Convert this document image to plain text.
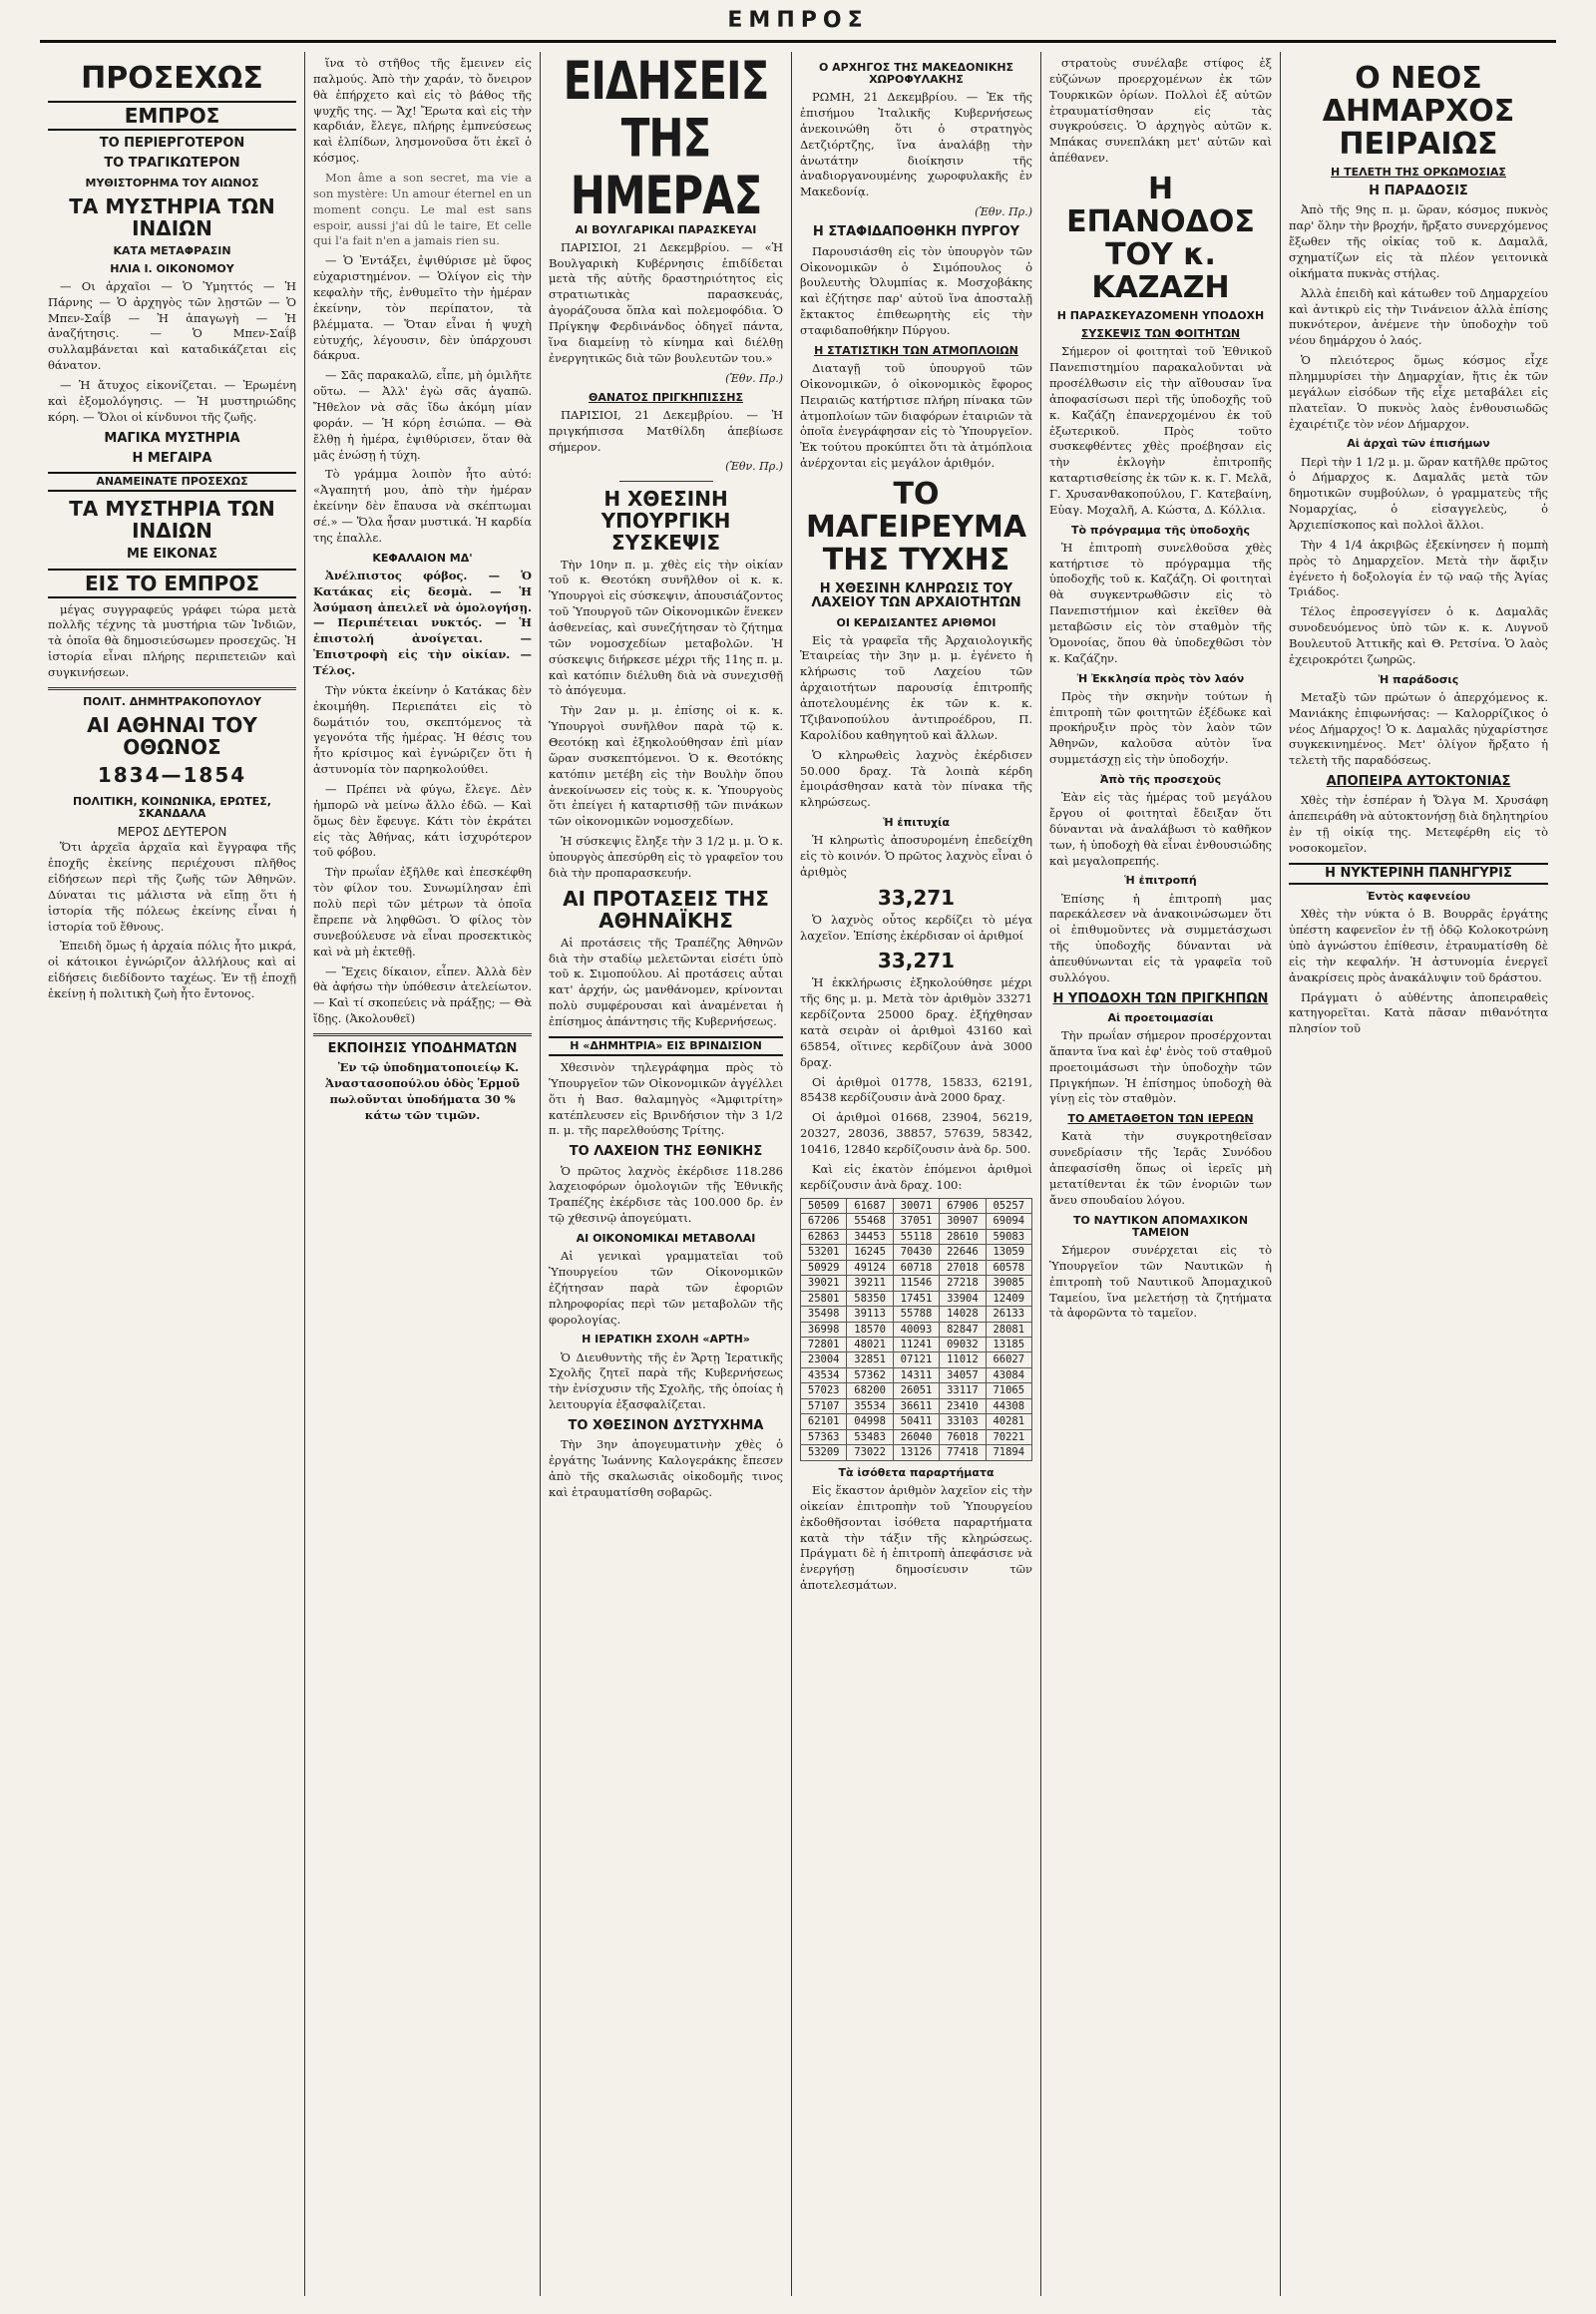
ΕΜΠΡΟΣ
ΠΡΟΣΕΧΩΣ
ΕΜΠΡΟΣ
ΤΟ ΠΕΡΙΕΡΓΟΤΕΡΟΝ
ΤΟ ΤΡΑΓΙΚΩΤΕΡΟΝ
ΜΥΘΙΣΤΟΡΗΜΑ ΤΟΥ ΑΙΩΝΟΣ
ΤΑ ΜΥΣΤΗΡΙΑ ΤΩΝ ΙΝΔΙΩΝ
ΚΑΤΑ ΜΕΤΑΦΡΑΣΙΝ
ΗΛΙΑ Ι. ΟΙΚΟΝΟΜΟΥ

— Οι ἀρχαῖοι — Ὁ Ὑμηττός — Ἡ Πάρνης — Ὁ ἀρχηγὸς τῶν λῃστῶν — Ὁ Μπεν-Σαΐβ — Ἡ ἀπαγωγὴ — Ἡ ἀναζήτησις. — Ὁ Μπεν-Σαΐβ συλλαμβάνεται καὶ καταδικάζεται εἰς θάνατον.

— Ἡ ἄτυχος εἰκονίζεται. — Ἐρωμένη καὶ ἐξομολόγησις. — Ἡ μυστηριώδης κόρη. — Ὅλοι οἱ κίνδυνοι τῆς ζωῆς.

ΜΑΓΙΚΑ ΜΥΣΤΗΡΙΑ
Η ΜΕΓΑΙΡΑ
ΑΝΑΜΕΙΝΑΤΕ ΠΡΟΣΕΧΩΣ
ΤΑ ΜΥΣΤΗΡΙΑ ΤΩΝ ΙΝΔΙΩΝ
ΜΕ ΕΙΚΟΝΑΣ
ΕΙΣ ΤΟ ΕΜΠΡΟΣ

μέγας συγγραφεύς γράφει τώρα μετὰ πολλῆς τέχνης τὰ μυστήρια τῶν Ἰνδιῶν, τὰ ὁποῖα θὰ δημοσιεύσωμεν προσεχῶς. Ἡ ἱστορία εἶναι πλήρης περιπετειῶν καὶ συγκινήσεων.

ΠΟΛΙΤ. ΔΗΜΗΤΡΑΚΟΠΟΥΛΟΥ
ΑΙ ΑΘΗΝΑΙ ΤΟΥ ΟΘΩΝΟΣ
1834—1854
ΠΟΛΙΤΙΚΗ, ΚΟΙΝΩΝΙΚΑ, ΕΡΩΤΕΣ, ΣΚΑΝΔΑΛΑ
ΜΕΡΟΣ ΔΕΥΤΕΡΟΝ

Ὅτι ἀρχεῖα ἀρχαῖα καὶ ἔγγραφα τῆς ἐποχῆς ἐκείνης περιέχουσι πλῆθος εἰδήσεων περὶ τῆς ζωῆς τῶν Ἀθηνῶν. Δύναται τις μάλιστα νὰ εἴπῃ ὅτι ἡ ἱστορία τῆς πόλεως ἐκείνης εἶναι ἡ ἱστορία τοῦ ἔθνους.

Ἐπειδὴ ὅμως ἡ ἀρχαία πόλις ἦτο μικρά, οἱ κάτοικοι ἐγνώριζον ἀλλήλους καὶ αἱ εἰδήσεις διεδίδοντο ταχέως. Ἐν τῇ ἐποχῇ ἐκείνῃ ἡ πολιτικὴ ζωὴ ἦτο ἔντονος.

ἵνα τὸ στῆθος τῆς ἔμεινεν εἰς παλμούς. Ἀπὸ τὴν χαράν, τὸ ὄνειρον θὰ ἐπήρχετο καὶ εἰς τὸ βάθος τῆς ψυχῆς της. — Ἄχ! Ἔρωτα καὶ εἰς τὴν καρδιάν, ἔλεγε, πλήρης ἐμπνεύσεως καὶ ἐλπίδων, λησμονοῦσα ὅτι ἐκεῖ ὁ κόσμος.

Mon âme a son secret, ma vie a son mystère: Un amour éternel en un moment conçu. Le mal est sans espoir, aussi j'ai dû le taire, Et celle qui l'a fait n'en a jamais rien su.

— Ὁ Ἐντάξει, ἐψιθύρισε μὲ ὕφος εὐχαριστημένον. — Ὁλίγον εἰς τὴν κεφαλὴν τῆς, ἐνθυμεῖτο τὴν ἡμέραν ἐκείνην, τὸν περίπατον, τὰ βλέμματα. — Ὅταν εἶναι ἡ ψυχὴ εὐτυχής, λέγουσιν, δὲν ὑπάρχουσι δάκρυα.

— Σᾶς παρακαλῶ, εἶπε, μὴ ὁμιλῆτε οὕτω. — Ἀλλ' ἐγὼ σᾶς ἀγαπῶ. Ἤθελον νὰ σᾶς ἴδω ἀκόμη μίαν φοράν. — Ἡ κόρη ἐσιώπα. — Θὰ ἔλθῃ ἡ ἡμέρα, ἐψιθύρισεν, ὅταν θὰ μᾶς ἐνώσῃ ἡ τύχη.

Τὸ γράμμα λοιπὸν ἦτο αὐτό: «Ἀγαπητή μου, ἀπὸ τὴν ἡμέραν ἐκείνην δὲν ἔπαυσα νὰ σκέπτωμαι σέ.» — Ὅλα ἦσαν μυστικά. Ἡ καρδία της ἐπαλλε.

ΚΕΦΑΛΑΙΟΝ ΜΔ'

Ἀνέλπιστος φόβος. — Ὁ Κατάκας εἰς δεσμὰ. — Ἡ Ἀσύμαση ἀπειλεῖ νὰ ὁμολογήσῃ. — Περιπέτειαι νυκτός. — Ἡ ἐπιστολή ἀνοίγεται. — Ἐπιστροφὴ εἰς τὴν οἰκίαν. — Τέλος.

Τὴν νύκτα ἐκείνην ὁ Κατάκας δὲν ἐκοιμήθη. Περιεπάτει εἰς τὸ δωμάτιόν του, σκεπτόμενος τὰ γεγονότα τῆς ἡμέρας. Ἡ θέσις του ἦτο κρίσιμος καὶ ἐγνώριζεν ὅτι ἡ ἀστυνομία τὸν παρηκολούθει.

— Πρέπει νὰ φύγω, ἔλεγε. Δὲν ἠμπορῶ νὰ μείνω ἄλλο ἐδῶ. — Καὶ ὅμως δὲν ἔφευγε. Κάτι τὸν ἐκράτει εἰς τὰς Ἀθήνας, κάτι ἰσχυρότερον τοῦ φόβου.

Τὴν πρωΐαν ἐξῆλθε καὶ ἐπεσκέφθη τὸν φίλον του. Συνωμίλησαν ἐπὶ πολὺ περὶ τῶν μέτρων τὰ ὁποῖα ἔπρεπε νὰ ληφθῶσι. Ὁ φίλος τὸν συνεβούλευσε νὰ εἶναι προσεκτικὸς καὶ νὰ μὴ ἐκτεθῇ.

— Ἔχεις δίκαιον, εἶπεν. Ἀλλὰ δὲν θὰ ἀφήσω τὴν ὑπόθεσιν ἀτελείωτον. — Καὶ τί σκοπεύεις νὰ πράξῃς; — Θὰ ἴδῃς. (Ἀκολουθεῖ)

ΕΚΠΟΙΗΣΙΣ ΥΠΟΔΗΜΑΤΩΝ

Ἐν τῷ ὑποδηματοποιείῳ Κ. Ἀναστασοπούλου ὁδὸς Ἑρμοῦ πωλοῦνται ὑποδήματα 30 % κάτω τῶν τιμῶν.

ΕΙΔΗΣΕΙΣ ΤΗΣ ΗΜΕΡΑΣ
ΑΙ ΒΟΥΛΓΑΡΙΚΑΙ ΠΑΡΑΣΚΕΥΑΙ

ΠΑΡΙΣΙΟΙ, 21 Δεκεμβρίου. — «Ἡ Βουλγαρικὴ Κυβέρνησις ἐπιδίδεται μετὰ τῆς αὐτῆς δραστηριότητος εἰς στρατιωτικὰς παρασκευάς, ἀγοράζουσα ὅπλα καὶ πολεμοφόδια. Ὁ Πρίγκηψ Φερδινάνδος ὁδηγεῖ πάντα, ἵνα διαμείνῃ τὸ κίνημα καὶ διέλθῃ ἐνεργητικῶς διὰ τῶν βουλευτῶν του.»

(Ἐθν. Πρ.)
ΘΑΝΑΤΟΣ ΠΡΙΓΚΗΠΙΣΣΗΣ

ΠΑΡΙΣΙΟΙ, 21 Δεκεμβρίου. — Ἡ πριγκήπισσα Ματθίλδη ἀπεβίωσε σήμερον.

(Ἐθν. Πρ.)
Η ΧΘΕΣΙΝΗ ΥΠΟΥΡΓΙΚΗ ΣΥΣΚΕΨΙΣ

Τὴν 10ην π. μ. χθὲς εἰς τὴν οἰκίαν τοῦ κ. Θεοτόκη συνῆλθον οἱ κ. κ. Ὑπουργοὶ εἰς σύσκεψιν, ἀπουσιάζοντος τοῦ Ὑπουργοῦ τῶν Οἰκονομικῶν ἕνεκεν ἀσθενείας, καὶ συνεζήτησαν τὸ ζήτημα τῶν νομοσχεδίων μεταβολῶν. Ἡ σύσκεψις διήρκεσε μέχρι τῆς 11ης π. μ. καὶ κατόπιν διέλυθη διὰ νὰ συνεχισθῇ τὸ ἀπόγευμα.

Τὴν 2αν μ. μ. ἐπίσης οἱ κ. κ. Ὑπουργοὶ συνῆλθον παρὰ τῷ κ. Θεοτόκῃ καὶ ἐξηκολούθησαν ἐπὶ μίαν ὥραν συσκεπτόμενοι. Ὁ κ. Θεοτόκης κατόπιν μετέβη εἰς τὴν Βουλὴν ὅπου ἀνεκοίνωσεν εἰς τοὺς κ. κ. Ὑπουργοὺς ὅτι ἐπείγει ἡ καταρτισθῇ τῶν πινάκων τῶν οἰκονομικῶν νομοσχεδίων.

Ἡ σύσκεψις ἔληξε τὴν 3 1/2 μ. μ. Ὁ κ. ὑπουργὸς ἀπεσύρθη εἰς τὸ γραφεῖον του διὰ τὴν προπαρασκευήν.

ΑΙ ΠΡΟΤΑΣΕΙΣ ΤΗΣ ΑΘΗΝΑΪΚΗΣ

Αἱ προτάσεις τῆς Τραπέζης Ἀθηνῶν διὰ τὴν σταδίῳ μελετῶνται εἰσέτι ὑπὸ τοῦ κ. Σιμοπούλου. Αἱ προτάσεις αὗται κατ' ἀρχήν, ὡς μανθάνομεν, κρίνονται πολὺ συμφέρουσαι καὶ ἀναμένεται ἡ ἐπίσημος ἀπάντησις τῆς Κυβερνήσεως.

Η «ΔΗΜΗΤΡΙΑ» ΕΙΣ ΒΡΙΝΔΙΣΙΟΝ

Χθεσινὸν τηλεγράφημα πρὸς τὸ Ὑπουργεῖον τῶν Οἰκονομικῶν ἀγγέλλει ὅτι ἡ Βασ. θαλαμηγὸς «Ἀμφιτρίτη» κατέπλευσεν εἰς Βρινδήσιον τὴν 3 1/2 π. μ. τῆς παρελθούσης Τρίτης.

ΤΟ ΛΑΧΕΙΟΝ ΤΗΣ ΕΘΝΙΚΗΣ

Ὁ πρῶτος λαχνὸς ἐκέρδισε 118.286 λαχειοφόρων ὁμολογιῶν τῆς Ἐθνικῆς Τραπέζης ἐκέρδισε τὰς 100.000 δρ. ἐν τῷ χθεσινῷ ἀπογεύματι.

ΑΙ ΟΙΚΟΝΟΜΙΚΑΙ ΜΕΤΑΒΟΛΑΙ

Αἱ γενικαὶ γραμματεῖαι τοῦ Ὑπουργείου τῶν Οἰκονομικῶν ἐζήτησαν παρὰ τῶν ἐφοριῶν πληροφορίας περὶ τῶν μεταβολῶν τῆς φορολογίας.

Η ΙΕΡΑΤΙΚΗ ΣΧΟΛΗ «ΑΡΤΗ»

Ὁ Διευθυντὴς τῆς ἐν Ἄρτῃ Ἱερατικῆς Σχολῆς ζητεῖ παρὰ τῆς Κυβερνήσεως τὴν ἐνίσχυσιν τῆς Σχολῆς, τῆς ὁποίας ἡ λειτουργία ἐξασφαλίζεται.

ΤΟ ΧΘΕΣΙΝΟΝ ΔΥΣΤΥΧΗΜΑ

Τὴν 3ην ἀπογευματινὴν χθὲς ὁ ἐργάτης Ἰωάννης Καλογεράκης ἔπεσεν ἀπὸ τῆς σκαλωσιᾶς οἰκοδομῆς τινος καὶ ἐτραυματίσθη σοβαρῶς.

Ο ΑΡΧΗΓΟΣ ΤΗΣ ΜΑΚΕΔΟΝΙΚΗΣ ΧΩΡΟΦΥΛΑΚΗΣ

ΡΩΜΗ, 21 Δεκεμβρίου. — Ἐκ τῆς ἐπισήμου Ἰταλικῆς Κυβερνήσεως ἀνεκοινώθη ὅτι ὁ στρατηγὸς Δετζιόρτζης, ἵνα ἀναλάβῃ τὴν ἀνωτάτην διοίκησιν τῆς ἀναδιοργανουμένης χωροφυλακῆς ἐν Μακεδονίᾳ.

(Ἐθν. Πρ.)
Η ΣΤΑΦΙΔΑΠΟΘΗΚΗ ΠΥΡΓΟΥ

Παρουσιάσθη εἰς τὸν ὑπουργὸν τῶν Οἰκονομικῶν ὁ Σιμόπουλος ὁ βουλευτὴς Ὀλυμπίας κ. Μοσχοβάκης καὶ ἐζήτησε παρ' αὐτοῦ ἵνα ἀποσταλῇ ἔκτακτος ἐπιθεωρητὴς εἰς τὴν σταφιδαποθήκην Πύργου.

Η ΣΤΑΤΙΣΤΙΚΗ ΤΩΝ ΑΤΜΟΠΛΟΙΩΝ

Διαταγῇ τοῦ ὑπουργοῦ τῶν Οἰκονομικῶν, ὁ οἰκονομικὸς ἔφορος Πειραιῶς κατήρτισε πλήρη πίνακα τῶν ἀτμοπλοίων τῶν διαφόρων ἑταιριῶν τὰ ὁποῖα ἐνεγράφησαν εἰς τὸ Ὑπουργεῖον. Ἐκ τούτου προκύπτει ὅτι τὰ ἀτμόπλοια ἀνέρχονται εἰς μεγάλον ἀριθμόν.

ΤΟ ΜΑΓΕΙΡΕΥΜΑ ΤΗΣ ΤΥΧΗΣ
Η ΧΘΕΣΙΝΗ ΚΛΗΡΩΣΙΣ ΤΟΥ ΛΑΧΕΙΟΥ ΤΩΝ ΑΡΧΑΙΟΤΗΤΩΝ
ΟΙ ΚΕΡΔΙΣΑΝΤΕΣ ΑΡΙΘΜΟΙ

Εἰς τὰ γραφεῖα τῆς Ἀρχαιολογικῆς Ἑταιρείας τὴν 3ην μ. μ. ἐγένετο ἡ κλήρωσις τοῦ Λαχείου τῶν ἀρχαιοτήτων παρουσίᾳ ἐπιτροπῆς ἀποτελουμένης ἐκ τῶν κ. κ. Τζιβανοπούλου ἀντιπροέδρου, Π. Καρολίδου καθηγητοῦ καὶ ἄλλων.

Ὁ κληρωθεὶς λαχνὸς ἐκέρδισεν 50.000 δραχ. Τὰ λοιπὰ κέρδη ἐμοιράσθησαν κατὰ τὸν πίνακα τῆς κληρώσεως.

Ἡ ἐπιτυχία

Ἡ κληρωτὶς ἀποσυρομένη ἐπεδείχθη εἰς τὸ κοινόν. Ὁ πρῶτος λαχνὸς εἶναι ὁ ἀριθμὸς

33,271

Ὁ λαχνὸς οὗτος κερδίζει τὸ μέγα λαχεῖον. Ἐπίσης ἐκέρδισαν οἱ ἀριθμοί

33,271

Ἡ ἐκκλήρωσις ἐξηκολούθησε μέχρι τῆς 6ης μ. μ. Μετὰ τὸν ἀριθμὸν 33271 κερδίζοντα 25000 δραχ. ἐξήχθησαν κατὰ σειρὰν οἱ ἀριθμοὶ 43160 καὶ 65854, οἵτινες κερδίζουν ἀνὰ 3000 δραχ.

Οἱ ἀριθμοὶ 01778, 15833, 62191, 85438 κερδίζουσιν ἀνὰ 2000 δραχ.

Οἱ ἀριθμοὶ 01668, 23904, 56219, 20327, 28036, 38857, 57639, 58342, 10416, 12840 κερδίζουσιν ἀνὰ δρ. 500.

Καὶ εἰς ἑκατὸν ἑπόμενοι ἀριθμοὶ κερδίζουσιν ἀνὰ δραχ. 100:

50509	61687	30071	67906	05257
67206	55468	37051	30907	69094
62863	34453	55118	28610	59083
53201	16245	70430	22646	13059
50929	49124	60718	27018	60578
39021	39211	11546	27218	39085
25801	58350	17451	33904	12409
35498	39113	55788	14028	26133
36998	18570	40093	82847	28081
72801	48021	11241	09032	13185
23004	32851	07121	11012	66027
43534	57362	14311	34057	43084
57023	68200	26051	33117	71065
57107	35534	36611	23410	44308
62101	04998	50411	33103	40281
57363	53483	26040	76018	70221
53209	73022	13126	77418	71894
Τὰ ἰσόθετα παραρτήματα

Εἰς ἕκαστον ἀριθμὸν λαχεῖον εἰς τὴν οἰκείαν ἐπιτροπὴν τοῦ Ὑπουργείου ἐκδοθῆσονται ἰσόθετα παραρτήματα κατὰ τὴν τάξιν τῆς κληρώσεως. Πράγματι δὲ ἡ ἐπιτροπὴ ἀπεφάσισε νὰ ἐνεργήσῃ δημοσίευσιν τῶν ἀποτελεσμάτων.

στρατοὺς συνέλαβε στίφος ἐξ εὐζώνων προερχομένων ἐκ τῶν Τουρκικῶν ὁρίων. Πολλοὶ ἐξ αὐτῶν ἐτραυματίσθησαν εἰς τὰς συγκρούσεις. Ὁ ἀρχηγὸς αὐτῶν κ. Μπάκας συνεπλάκη μετ' αὐτῶν καὶ ἀπέθανεν.

Η ΕΠΑΝΟΔΟΣ ΤΟΥ κ. ΚΑΖΑΖΗ
Η ΠΑΡΑΣΚΕΥΑΖΟΜΕΝΗ ΥΠΟΔΟΧΗ
ΣΥΣΚΕΨΙΣ ΤΩΝ ΦΟΙΤΗΤΩΝ

Σήμερον οἱ φοιτηταὶ τοῦ Ἐθνικοῦ Πανεπιστημίου παρακαλοῦνται νὰ προσέλθωσιν εἰς τὴν αἴθουσαν ἵνα ἀποφασίσωσι περὶ τῆς ὑποδοχῆς τοῦ κ. Καζάζη ἐπανερχομένου ἐκ τοῦ ἐξωτερικοῦ. Πρὸς τοῦτο συσκεφθέντες χθὲς προέβησαν εἰς τὴν ἐκλογὴν ἐπιτροπῆς καταρτισθείσης ἐκ τῶν κ. κ. Γ. Μελᾶ, Γ. Χρυσανθακοπούλου, Γ. Κατεβαίνη, Εὐαγ. Μοχαλῆ, Α. Κώστα, Δ. Κόλλια.

Τὸ πρόγραμμα τῆς ὑποδοχῆς

Ἡ ἐπιτροπὴ συνελθοῦσα χθὲς κατήρτισε τὸ πρόγραμμα τῆς ὑποδοχῆς τοῦ κ. Καζάζη. Οἱ φοιτηταὶ θὰ συγκεντρωθῶσιν εἰς τὸ Πανεπιστήμιον καὶ ἐκεῖθεν θὰ μεταβῶσιν εἰς τὸν σταθμὸν τῆς Ὁμονοίας, ὅπου θὰ ὑποδεχθῶσι τὸν κ. Καζάζην.

Ἡ Ἐκκλησία πρὸς τὸν λαόν

Πρὸς τὴν σκηνὴν τούτων ἡ ἐπιτροπὴ τῶν φοιτητῶν ἐξέδωκε καὶ προκήρυξιν πρὸς τὸν λαὸν τῶν Ἀθηνῶν, καλοῦσα αὐτὸν ἵνα συμμετάσχῃ εἰς τὴν ὑποδοχήν.

Ἀπὸ τῆς προσεχοῦς

Ἐὰν εἰς τὰς ἡμέρας τοῦ μεγάλου ἔργου οἱ φοιτηταὶ ἔδειξαν ὅτι δύνανται νὰ ἀναλάβωσι τὸ καθῆκον των, ἡ ὑποδοχὴ θὰ εἶναι ἐνθουσιώδης καὶ μεγαλοπρεπής.

Ἡ ἐπιτροπή

Ἐπίσης ἡ ἐπιτροπὴ μας παρεκάλεσεν νὰ ἀνακοινώσωμεν ὅτι οἱ ἐπιθυμοῦντες νὰ συμμετάσχωσι τῆς ὑποδοχῆς δύνανται νὰ ἀπευθύνωνται εἰς τὰ γραφεῖα τοῦ συλλόγου.

Η ΥΠΟΔΟΧΗ ΤΩΝ ΠΡΙΓΚΗΠΩΝ
Αἱ προετοιμασίαι

Τὴν πρωΐαν σήμερον προσέρχονται ἅπαντα ἵνα καὶ ἐφ' ἑνὸς τοῦ σταθμοῦ προετοιμάσωσι τὴν ὑποδοχὴν τῶν Πριγκήπων. Ἡ ἐπίσημος ὑποδοχὴ θὰ γίνῃ εἰς τὸν σταθμὸν.

ΤΟ ΑΜΕΤΑΘΕΤΟΝ ΤΩΝ ΙΕΡΕΩΝ

Κατὰ τὴν συγκροτηθεῖσαν συνεδρίασιν τῆς Ἱερᾶς Συνόδου ἀπεφασίσθη ὅπως οἱ ἱερεῖς μὴ μετατίθενται ἐκ τῶν ἐνοριῶν των ἄνευ σπουδαίου λόγου.

ΤΟ ΝΑΥΤΙΚΟΝ ΑΠΟΜΑΧΙΚΟΝ ΤΑΜΕΙΟΝ

Σήμερον συνέρχεται εἰς τὸ Ὑπουργεῖον τῶν Ναυτικῶν ἡ ἐπιτροπὴ τοῦ Ναυτικοῦ Ἀπομαχικοῦ Ταμείου, ἵνα μελετήσῃ τὰ ζητήματα τὰ ἀφορῶντα τὸ ταμεῖον.

Ο ΝΕΟΣ ΔΗΜΑΡΧΟΣ ΠΕΙΡΑΙΩΣ
Η ΤΕΛΕΤΗ ΤΗΣ ΟΡΚΩΜΟΣΙΑΣ
Η ΠΑΡΑΔΟΣΙΣ

Ἀπὸ τῆς 9ης π. μ. ὥραν, κόσμος πυκνὸς παρ' ὅλην τὴν βροχήν, ἤρξατο συνερχόμενος ἔξωθεν τῆς οἰκίας τοῦ κ. Δαμαλᾶ, σχηματίζων εἰς τὰ πλέον γειτονικὰ οἰκήματα πυκνὰς στήλας.

Ἀλλὰ ἐπειδὴ καὶ κάτωθεν τοῦ Δημαρχείου καὶ ἀντικρὺ εἰς τὴν Τινάνειον ἀλλὰ ἐπίσης πυκνότερον, ἀνέμενε τὴν ὑποδοχὴν τοῦ νέου δημάρχου ὁ λαός.

Ὁ πλειότερος ὅμως κόσμος εἶχε πλημμυρίσει τὴν Δημαρχίαν, ἥτις ἐκ τῶν μεγάλων εἰσόδων τῆς εἶχε μεταβάλει εἰς πλατεῖαν. Ὁ πυκνὸς λαὸς ἐνθουσιωδῶς ἐχαιρέτιζε τὸν νέον Δήμαρχον.

Αἱ ἀρχαὶ τῶν ἐπισήμων

Περὶ τὴν 1 1/2 μ. μ. ὥραν κατῆλθε πρῶτος ὁ Δήμαρχος κ. Δαμαλᾶς μετὰ τῶν δημοτικῶν συμβούλων, ὁ γραμματεὺς τῆς Νομαρχίας, ὁ εἰσαγγελεὺς, ὁ Ἀρχιεπίσκοπος καὶ πολλοὶ ἄλλοι.

Τὴν 4 1/4 ἀκριβῶς ἐξεκίνησεν ἡ πομπὴ πρὸς τὸ Δημαρχεῖον. Μετὰ τὴν ἄφιξιν ἐγένετο ἡ δοξολογία ἐν τῷ ναῷ τῆς Ἁγίας Τριάδος.

Τέλος ἐπροσεγγίσεν ὁ κ. Δαμαλᾶς συνοδευόμενος ὑπὸ τῶν κ. κ. Λυγνοῦ Βουλευτοῦ Ἀττικῆς καὶ Θ. Ρετσίνα. Ὁ λαὸς ἐχειροκρότει ζωηρῶς.

Ἡ παράδοσις

Μεταξὺ τῶν πρώτων ὁ ἀπερχόμενος κ. Μανιάκης ἐπιφωνήσας: — Καλορρίζικος ὁ νέος Δήμαρχος! Ὁ κ. Δαμαλᾶς ηὐχαρίστησε συγκεκινημένος. Μετ' ὀλίγον ἤρξατο ἡ τελετὴ τῆς παραδόσεως.

ΑΠΟΠΕΙΡΑ ΑΥΤΟΚΤΟΝΙΑΣ

Χθὲς τὴν ἑσπέραν ἡ Ὄλγα Μ. Χρυσάφη ἀπεπειράθη νὰ αὐτοκτονήσῃ διὰ δηλητηρίου ἐν τῇ οἰκίᾳ της. Μετεφέρθη εἰς τὸ νοσοκομεῖον.

Η ΝΥΚΤΕΡΙΝΗ ΠΑΝΗΓΥΡΙΣ
Ἐντὸς καφενείου

Χθὲς τὴν νύκτα ὁ Β. Βουρρᾶς ἐργάτης ὑπέστη καφενεῖον ἐν τῇ ὁδῷ Κολοκοτρώνη ὑπὸ ἀγνώστου ἐπίθεσιν, ἐτραυματίσθη δὲ εἰς τὴν κεφαλήν. Ἡ ἀστυνομία ἐνεργεῖ ἀνακρίσεις πρὸς ἀνακάλυψιν τοῦ δράστου.

Πράγματι ὁ αὐθέντης ἀποπειραθεὶς κατηγορεῖται. Κατὰ πᾶσαν πιθανότητα πλησίον τοῦ
